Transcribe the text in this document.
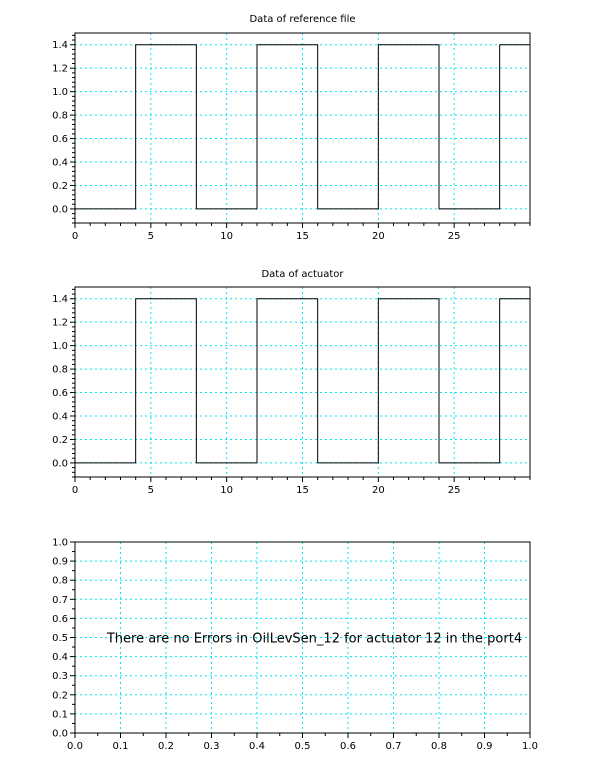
Data of reference file
0	5	10	15	20	25
0.0
0.2
0.4
0.6
0.8
1.0
1.2
1.4
Data of actuator
0	5	10	15	20	25
0.0
0.2
0.4
0.6
0.8
1.0
1.2
1.4
0.0	0.1	0.2	0.3	0.4	0.5	0.6	0.7	0.8	0.9	1.0
0.0
0.1
0.2
0.3
0.4
0.5
0.6
0.7
0.8
0.9
1.0
There are no Errors in OilLevSen_12 for actuator 12 in the port4
